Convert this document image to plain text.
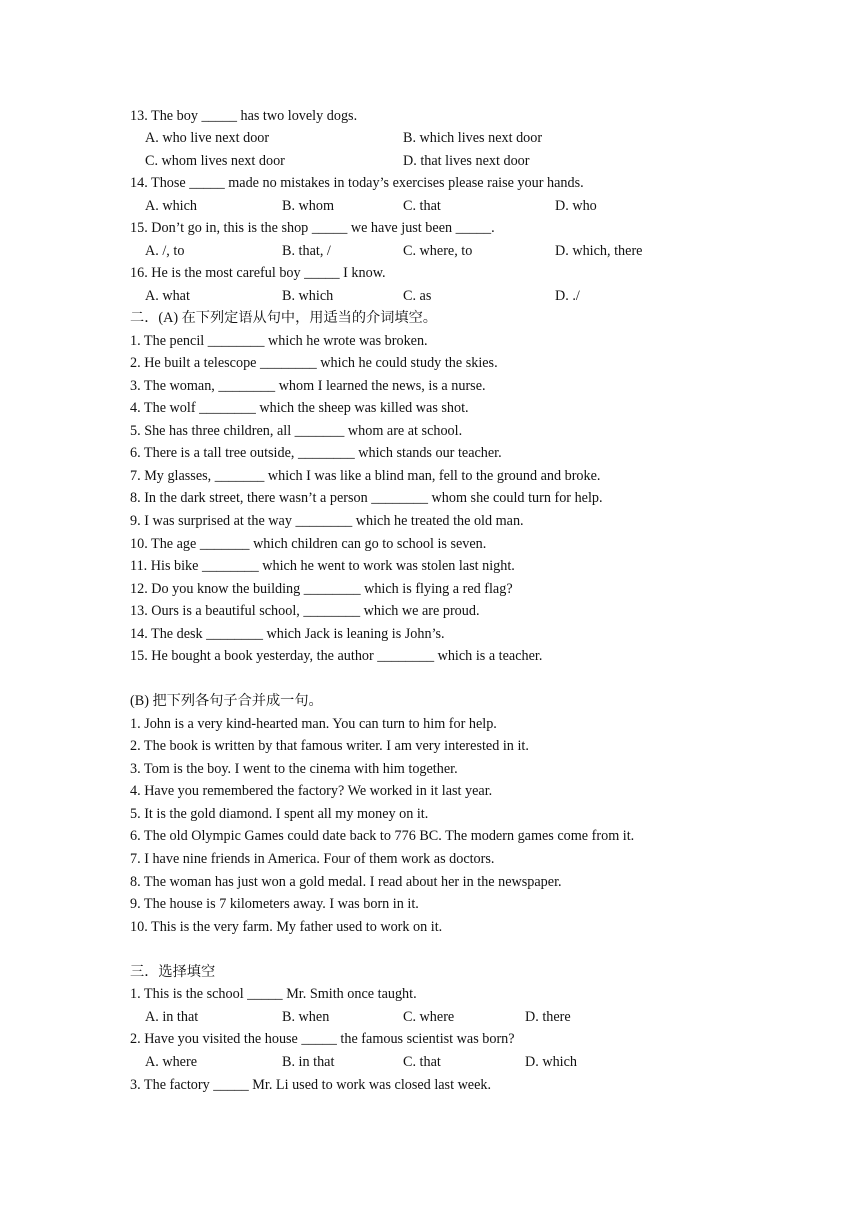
13. The boy _____ has two lovely dogs.
A. who live next door	B. which lives next door
C. whom lives next door	D. that lives next door
14. Those _____ made no mistakes in today’s exercises please raise your hands.
A. which	B. whom	C. that	D. who
15. Don’t go in, this is the shop _____ we have just been _____.
A. /, to	B. that, /	C. where, to	D. which, there
16. He is the most careful boy _____ I know.
A. what	B. which	C. as	D. ./
二．(A) 在下列定语从句中，用适当的介词填空。
1. The pencil ________ which he wrote was broken.
2. He built a telescope ________ which he could study the skies.
3. The woman, ________ whom I learned the news, is a nurse.
4. The wolf ________ which the sheep was killed was shot.
5. She has three children, all _______ whom are at school.
6. There is a tall tree outside, ________ which stands our teacher.
7. My glasses, _______ which I was like a blind man, fell to the ground and broke.
8. In the dark street, there wasn’t a person ________ whom she could turn for help.
9. I was surprised at the way ________ which he treated the old man.
10. The age _______ which children can go to school is seven.
11. His bike ________ which he went to work was stolen last night.
12. Do you know the building ________ which is flying a red flag?
13. Ours is a beautiful school, ________ which we are proud.
14. The desk ________ which Jack is leaning is John’s.
15. He bought a book yesterday, the author ________ which is a teacher.
(B) 把下列各句子合并成一句。
1. John is a very kind-hearted man. You can turn to him for help.
2. The book is written by that famous writer. I am very interested in it.
3. Tom is the boy. I went to the cinema with him together.
4. Have you remembered the factory? We worked in it last year.
5. It is the gold diamond. I spent all my money on it.
6. The old Olympic Games could date back to 776 BC. The modern games come from it.
7. I have nine friends in America. Four of them work as doctors.
8. The woman has just won a gold medal. I read about her in the newspaper.
9. The house is 7 kilometers away. I was born in it.
10. This is the very farm. My father used to work on it.
三．选择填空
1. This is the school _____ Mr. Smith once taught.
A. in that	B. when	C. where	D. there
2. Have you visited the house _____ the famous scientist was born?
A. where	B. in that	C. that	D. which
3. The factory _____ Mr. Li used to work was closed last week.
